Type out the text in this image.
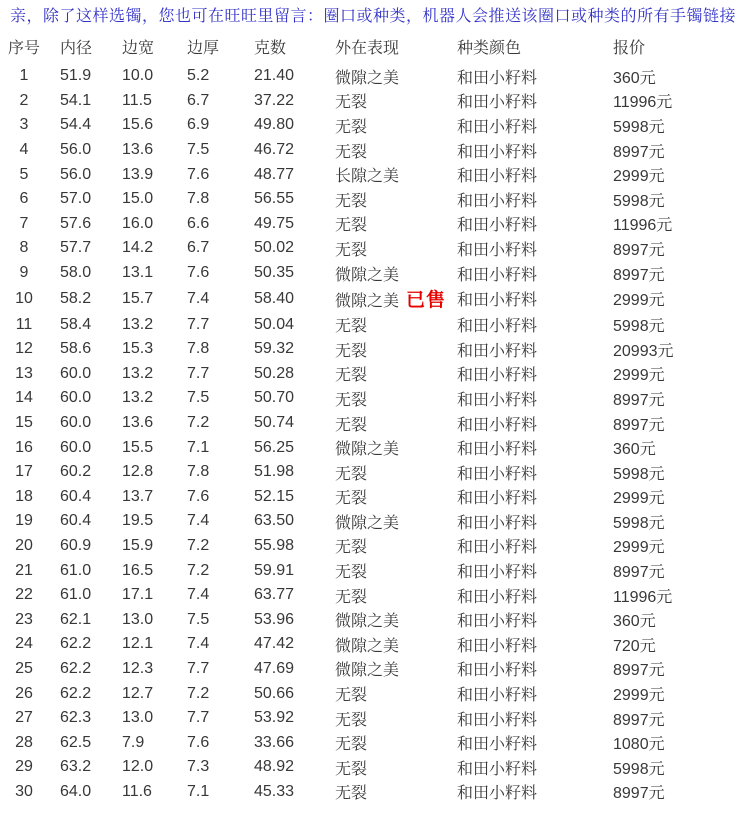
亲，除了这样选镯，您也可在旺旺里留言：圈口或种类，机器人会推送该圈口或种类的所有手镯链接

序号	内径	边宽	边厚	克数	外在表现	种类颜色	报价
1	51.9	10.0	5.2	21.40	微隙之美	和田小籽料	360元
2	54.1	11.5	6.7	37.22	无裂	和田小籽料	11996元
3	54.4	15.6	6.9	49.80	无裂	和田小籽料	5998元
4	56.0	13.6	7.5	46.72	无裂	和田小籽料	8997元
5	56.0	13.9	7.6	48.77	长隙之美	和田小籽料	2999元
6	57.0	15.0	7.8	56.55	无裂	和田小籽料	5998元
7	57.6	16.0	6.6	49.75	无裂	和田小籽料	11996元
8	57.7	14.2	6.7	50.02	无裂	和田小籽料	8997元
9	58.0	13.1	7.6	50.35	微隙之美	和田小籽料	8997元
10	58.2	15.7	7.4	58.40	微隙之美 已售	和田小籽料	2999元
11	58.4	13.2	7.7	50.04	无裂	和田小籽料	5998元
12	58.6	15.3	7.8	59.32	无裂	和田小籽料	20993元
13	60.0	13.2	7.7	50.28	无裂	和田小籽料	2999元
14	60.0	13.2	7.5	50.70	无裂	和田小籽料	8997元
15	60.0	13.6	7.2	50.74	无裂	和田小籽料	8997元
16	60.0	15.5	7.1	56.25	微隙之美	和田小籽料	360元
17	60.2	12.8	7.8	51.98	无裂	和田小籽料	5998元
18	60.4	13.7	7.6	52.15	无裂	和田小籽料	2999元
19	60.4	19.5	7.4	63.50	微隙之美	和田小籽料	5998元
20	60.9	15.9	7.2	55.98	无裂	和田小籽料	2999元
21	61.0	16.5	7.2	59.91	无裂	和田小籽料	8997元
22	61.0	17.1	7.4	63.77	无裂	和田小籽料	11996元
23	62.1	13.0	7.5	53.96	微隙之美	和田小籽料	360元
24	62.2	12.1	7.4	47.42	微隙之美	和田小籽料	720元
25	62.2	12.3	7.7	47.69	微隙之美	和田小籽料	8997元
26	62.2	12.7	7.2	50.66	无裂	和田小籽料	2999元
27	62.3	13.0	7.7	53.92	无裂	和田小籽料	8997元
28	62.5	7.9	7.6	33.66	无裂	和田小籽料	1080元
29	63.2	12.0	7.3	48.92	无裂	和田小籽料	5998元
30	64.0	11.6	7.1	45.33	无裂	和田小籽料	8997元
